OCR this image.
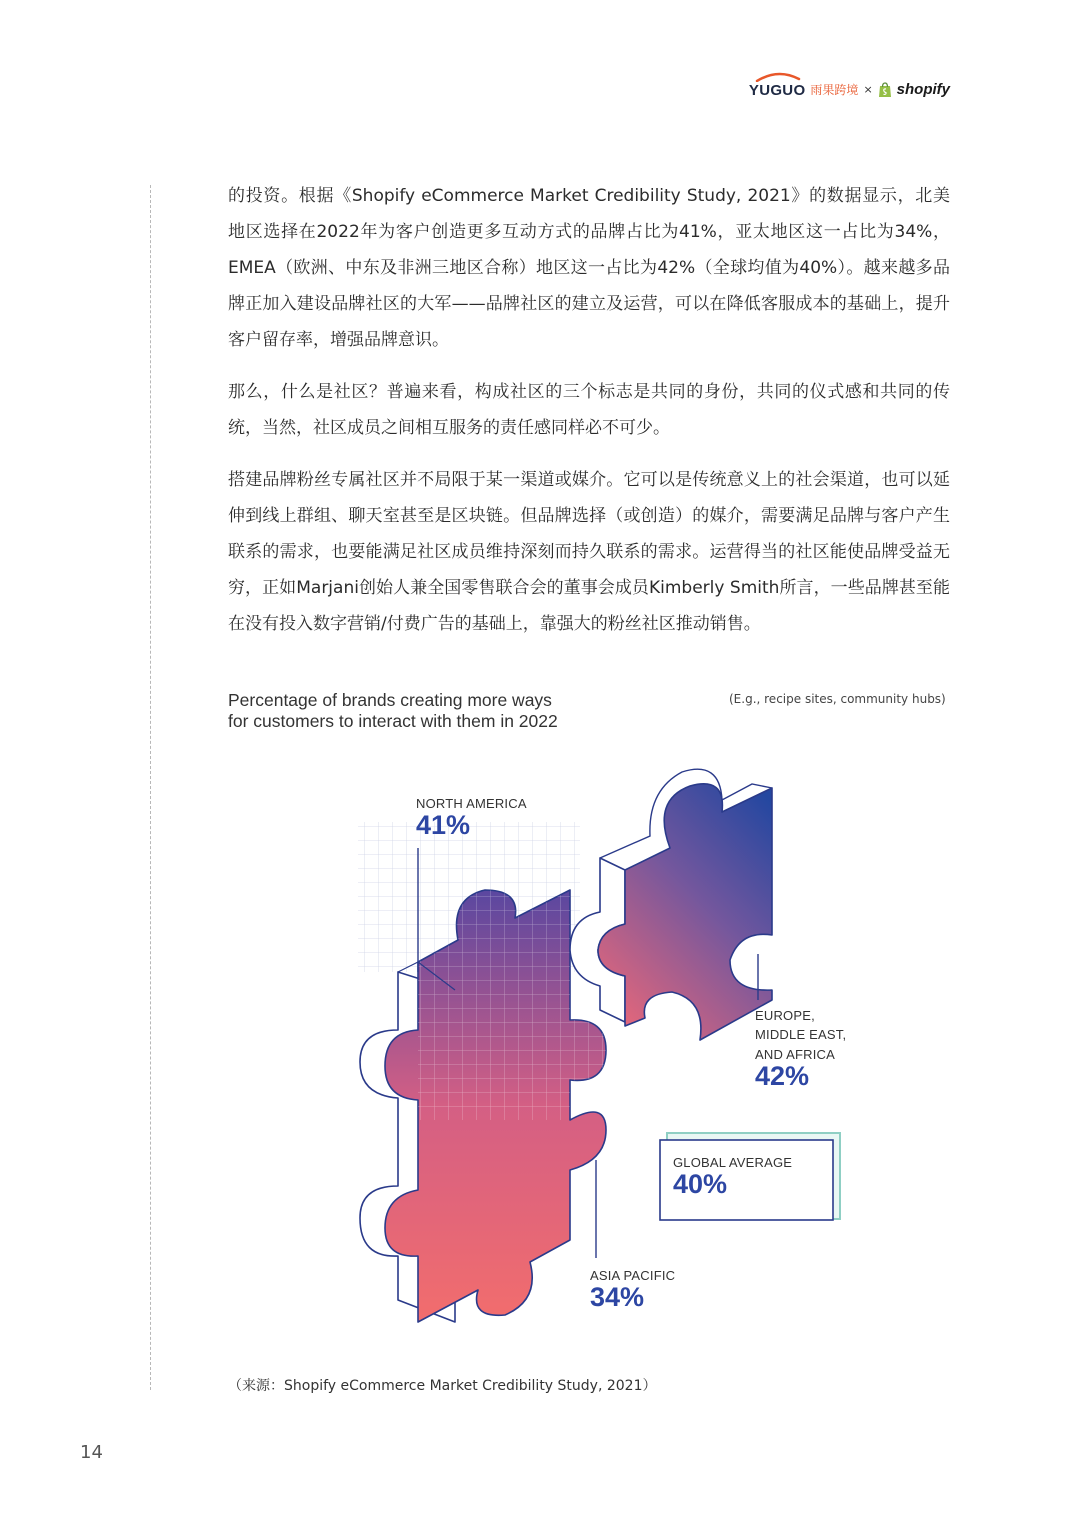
YUGUO 雨果跨境 × shopify

的投资。根据《Shopify eCommerce Market Credibility Study, 2021》的数据显示，北美地区选择在2022年为客户创造更多互动方式的品牌占比为41%，亚太地区这一占比为34%，EMEA（欧洲、中东及非洲三地区合称）地区这一占比为42%（全球均值为40%）。越来越多品牌正加入建设品牌社区的大军——品牌社区的建立及运营，可以在降低客服成本的基础上，提升客户留存率，增强品牌意识。

那么，什么是社区？普遍来看，构成社区的三个标志是共同的身份，共同的仪式感和共同的传统，当然，社区成员之间相互服务的责任感同样必不可少。

搭建品牌粉丝专属社区并不局限于某一渠道或媒介。它可以是传统意义上的社会渠道，也可以延伸到线上群组、聊天室甚至是区块链。但品牌选择（或创造）的媒介，需要满足品牌与客户产生联系的需求，也要能满足社区成员维持深刻而持久联系的需求。运营得当的社区能使品牌受益无穷，正如Marjani创始人兼全国零售联合会的董事会成员Kimberly Smith所言，一些品牌甚至能在没有投入数字营销/付费广告的基础上，靠强大的粉丝社区推动销售。

Percentage of brands creating more ways for customers to interact with them in 2022

(E.g., recipe sites, community hubs)
NORTH AMERICA
41%
EUROPE,
MIDDLE EAST,
AND AFRICA
42%
GLOBAL AVERAGE
40%
ASIA PACIFIC
34%
（来源：Shopify eCommerce Market Credibility Study, 2021）
14
